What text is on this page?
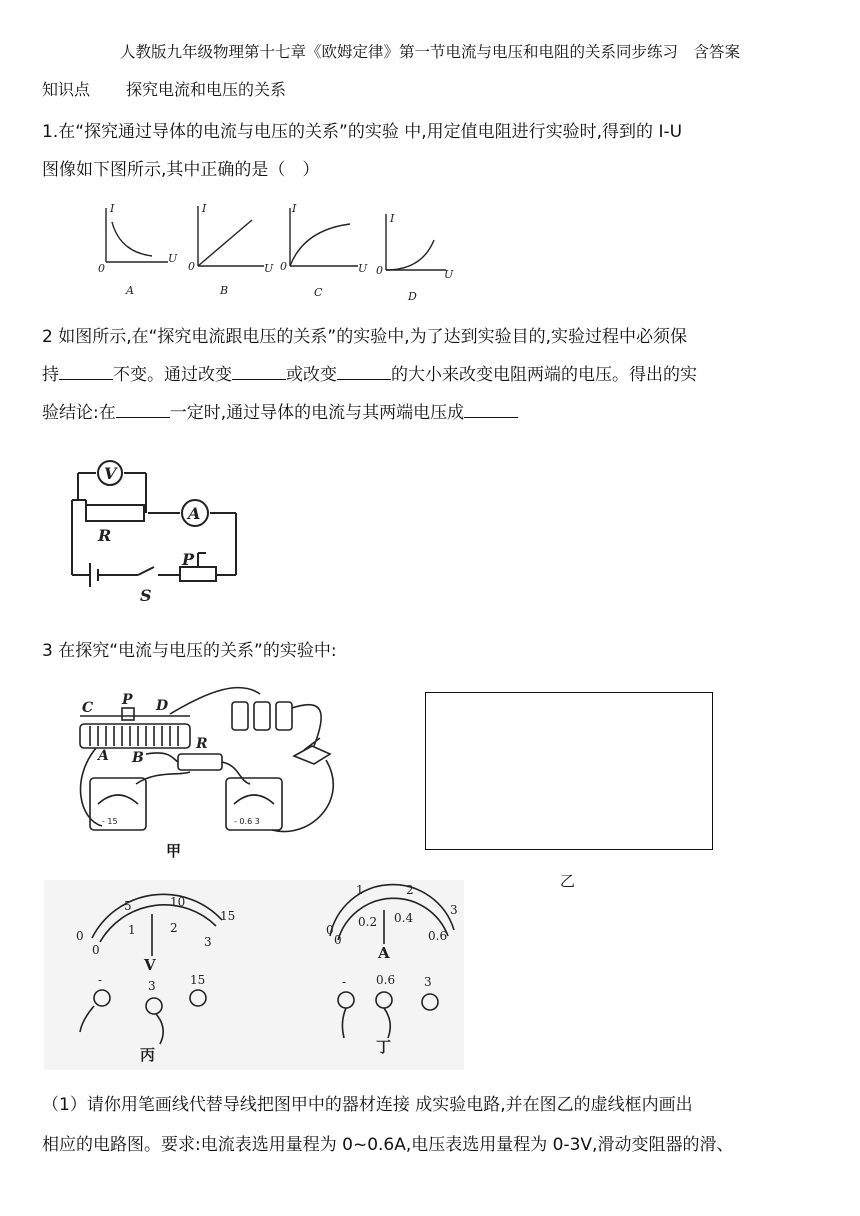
人教版九年级物理第十七章《欧姆定律》第一节电流与电压和电阻的关系同步练习　含答案
知识点 探究电流和电压的关系
1.在“探究通过导体的电流与电压的关系”的实验 中,用定值电阻进行实验时,得到的 I-U
图像如下图所示,其中正确的是（　）
I
U
0
I
U
0
I
U
0
I
U
0
A	B	C	D
2 如图所示,在“探究电流跟电压的关系”的实验中,为了达到实验目的,实验过程中必须保
持	不变。通过改变	或改变	的大小来改变电阻两端的电压。得出的实
验结论:在	一定时,通过导体的电流与其两端电压成
V
A
R
P
S
3 在探究“电流与电压的关系”的实验中:
C P D
A B
R
- 15	- 0.6 3
甲
乙
0
5	10
15
0
1	2
3
0
1	2
3
0
0.2 0.4
0.6
-	3	15	- 0.6 3
V
A
丙	丁
（1）请你用笔画线代替导线把图甲中的器材连接 成实验电路,并在图乙的虚线框内画出
相应的电路图。要求:电流表选用量程为 0~0.6A,电压表选用量程为 0-3V,滑动变阻器的滑、
